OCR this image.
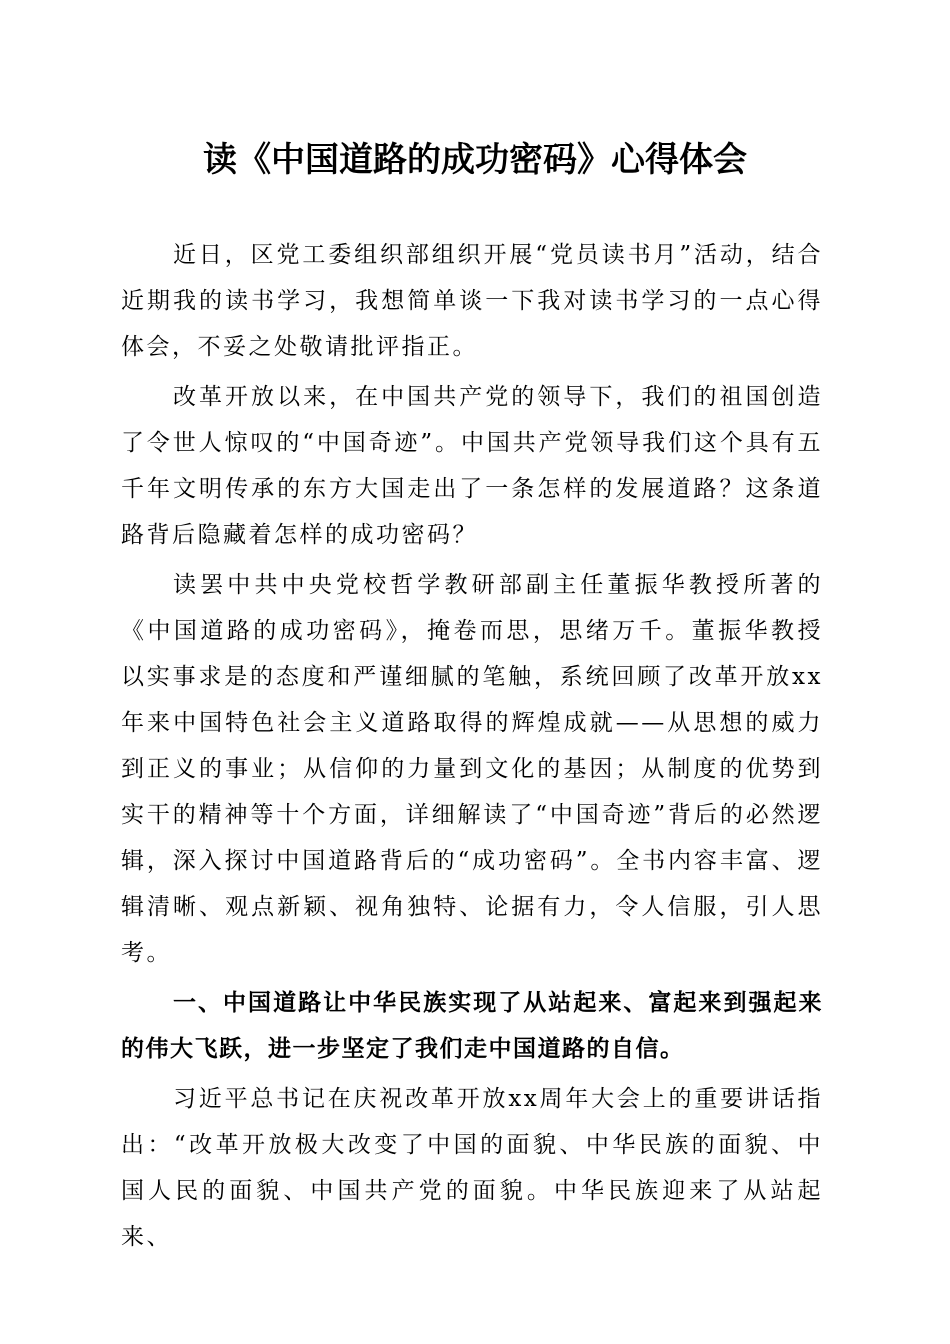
读《中国道路的成功密码》心得体会

近日，区党工委组织部组织开展“党员读书月”活动，结合近期我的读书学习，我想简单谈一下我对读书学习的一点心得体会，不妥之处敬请批评指正。

改革开放以来，在中国共产党的领导下，我们的祖国创造了令世人惊叹的“中国奇迹”。中国共产党领导我们这个具有五千年文明传承的东方大国走出了一条怎样的发展道路？这条道路背后隐藏着怎样的成功密码？

读罢中共中央党校哲学教研部副主任董振华教授所著的《中国道路的成功密码》，掩卷而思，思绪万千。董振华教授以实事求是的态度和严谨细腻的笔触，系统回顾了改革开放xx年来中国特色社会主义道路取得的辉煌成就——从思想的威力到正义的事业；从信仰的力量到文化的基因；从制度的优势到实干的精神等十个方面，详细解读了“中国奇迹”背后的必然逻辑，深入探讨中国道路背后的“成功密码”。全书内容丰富、逻辑清晰、观点新颖、视角独特、论据有力，令人信服，引人思考。

一、中国道路让中华民族实现了从站起来、富起来到强起来的伟大飞跃，进一步坚定了我们走中国道路的自信。

习近平总书记在庆祝改革开放xx周年大会上的重要讲话指出：“改革开放极大改变了中国的面貌、中华民族的面貌、中国人民的面貌、中国共产党的面貌。中华民族迎来了从站起来、
